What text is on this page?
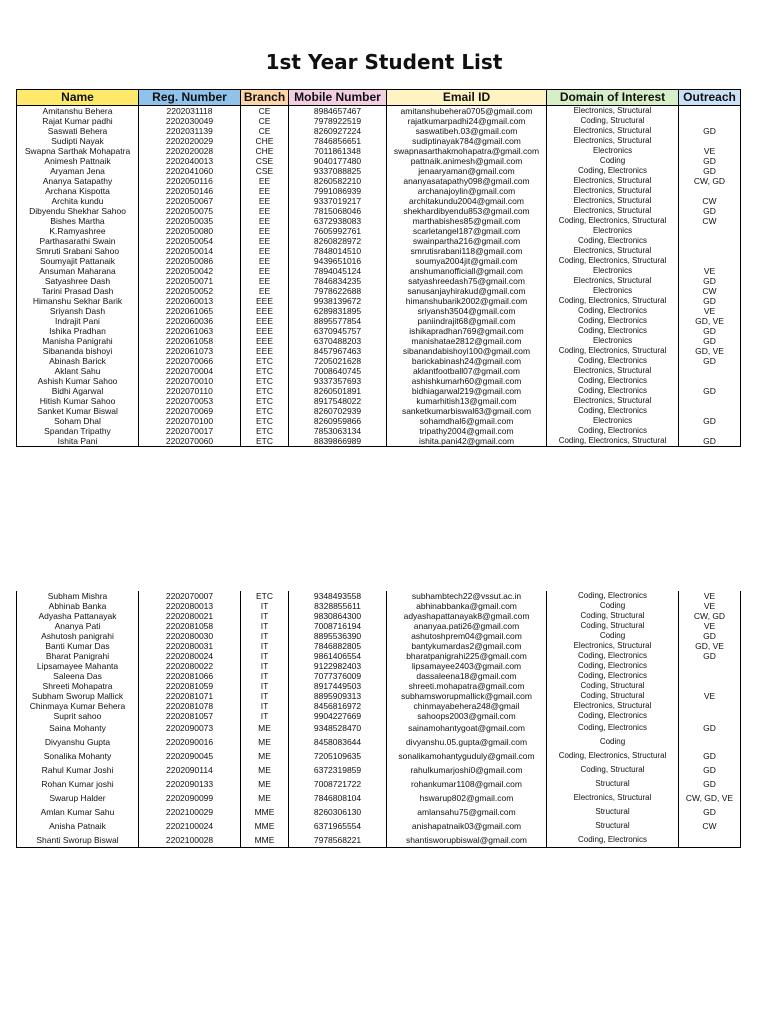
1st Year Student List
Name	Reg. Number	Branch	Mobile Number	Email ID	Domain of Interest	Outreach
Amitanshu Behera	2202031118	CE	8984657467	amitanshubehera0705@gmail.com	Electronics, Structural	
Rajat Kumar padhi	2202030049	CE	7978922519	rajatkumarpadhi24@gmail.com	Coding, Structural	
Saswati Behera	2202031139	CE	8260927224	saswatibeh.03@gmail.com	Electronics, Structural	GD
Sudipti Nayak	2202020029	CHE	7846856651	sudiptinayak784@gmail.com	Electronics, Structural	
Swapna Sarthak Mohapatra	2202020028	CHE	7011861348	swapnasarthakmohapatra@gmail.com	Electronics	VE
Animesh Pattnaik	2202040013	CSE	9040177480	pattnaik.animesh@gmail.com	Coding	GD
Aryaman Jena	2202041060	CSE	9337088825	jenaaryaman@gmail.com	Coding, Electronics	GD
Ananya Satapathy	2202050116	EE	8260582210	ananyasatapathy098@gmail.com	Electronics, Structural	CW, GD
Archana Kispotta	2202050146	EE	7991086939	archanajoylin@gmail.com	Electronics, Structural	
Archita kundu	2202050067	EE	9337019217	architakundu2004@gmail.com	Electronics, Structural	CW
Dibyendu Shekhar Sahoo	2202050075	EE	7815068046	shekhardibyendu853@gmail.com	Electronics, Structural	GD
Bishes Martha	2202050035	EE	6372938083	marthabishes85@gmail.com	Coding, Electronics, Structural	CW
K.Ramyashree	2202050080	EE	7605992761	scarletangel187@gmail.com	Electronics	
Parthasarathi Swain	2202050054	EE	8260828972	swainpartha216@gmail.com	Coding, Electronics	
Smruti Srabani Sahoo	2202050014	EE	7848014510	smrutisrabani118@gmail.com	Electronics, Structural	
Soumyajit Pattanaik	2202050086	EE	9439651016	soumya2004jit@gmail.com	Coding, Electronics, Structural	
Ansuman Maharana	2202050042	EE	7894045124	anshumanofficiall@gmail.com	Electronics	VE
Satyashree Dash	2202050071	EE	7846834235	satyashreedash75@gmail.com	Electronics, Structural	GD
Tarini Prasad Dash	2202050052	EE	7978622688	sanusanjayhirakud@gmail.com	Electronics	CW
Himanshu Sekhar Barik	2202060013	EEE	9938139672	himanshubarik2002@gmail.com	Coding, Electronics, Structural	GD
Sriyansh Dash	2202061065	EEE	6289831895	sriyansh3504@gmail.com	Coding, Electronics	VE
Indrajit Pani	2202060036	EEE	8895577854	paniindrajit68@gmail.com	Coding, Electronics	GD, VE
Ishika Pradhan	2202061063	EEE	6370945757	ishikapradhan769@gmail.com	Coding, Electronics	GD
Manisha Panigrahi	2202061058	EEE	6370488203	manishatae2812@gmail.com	Electronics	GD
Sibananda bishoyi	2202061073	EEE	8457967463	sibanandabishoyi100@gmail.com	Coding, Electronics, Structural	GD, VE
Abinash Barick	2202070066	ETC	7205021628	barickabinash24@gmail.com	Coding, Electronics	GD
Aklant Sahu	2202070004	ETC	7008640745	aklantfootball07@gmail.com	Electronics, Structural	
Ashish Kumar Sahoo	2202070010	ETC	9337357693	ashishkumarh60@gmail.com	Coding, Electronics	
Bidhi Agarwal	2202070110	ETC	8260501891	bidhiagarwal219@gmail.com	Coding, Electronics	GD
Hitish Kumar Sahoo	2202070053	ETC	8917548022	kumarhitish13@gmail.com	Electronics, Structural	
Sanket Kumar Biswal	2202070069	ETC	8260702939	sanketkumarbiswal63@gmail.com	Coding, Electronics	
Soham Dhal	2202070100	ETC	8260959866	sohamdhal6@gmail.com	Electronics	GD
Spandan Tripathy	2202070017	ETC	7853063134	tripathy2004@gmail.com	Coding, Electronics	
Ishita Pani	2202070060	ETC	8839866989	ishita.pani42@gmail.com	Coding, Electronics, Structural	GD
Subham Mishra	2202070007	ETC	9348493558	subhambtech22@vssut.ac.in	Coding, Electronics	VE
Abhinab Banka	2202080013	IT	8328855611	abhinabbanka@gmail.com	Coding	VE
Adyasha Pattanayak	2202080021	IT	9830864300	adyashapattanayak8@gmail.com	Coding, Structural	CW, GD
Ananya Pati	2202081058	IT	7008716194	ananyaa.pati26@gmail.com	Coding, Structural	VE
Ashutosh panigrahi	2202080030	IT	8895536390	ashutoshprem04@gmail.com	Coding	GD
Banti Kumar Das	2202080031	IT	7846882805	bantykumardas2@gmail.com	Electronics, Structural	GD, VE
Bharat Panigrahi	2202080024	IT	9861406554	bharatpanigrahi225@gmail.com	Coding, Electronics	GD
Lipsamayee Mahanta	2202080022	IT	9122982403	lipsamayee2403@gmail.com	Coding, Electronics	
Saleena Das	2202081066	IT	7077376009	dassaleena18@gmail.com	Coding, Electronics	
Shreeti Mohapatra	2202081059	IT	8917449503	shreeti.mohapatra@gmail.com	Coding, Structural	
Subham Sworup Mallick	2202081071	IT	8895909313	subhamsworupmallick@gmail.com	Coding, Structural	VE
Chinmaya Kumar Behera	2202081078	IT	8456816972	chinmayabehera248@gmail	Electronics, Structural	
Suprit sahoo	2202081057	IT	9904227669	sahoops2003@gmail.com	Coding, Electronics	
Saina Mohanty	2202090073	ME	9348528470	sainamohantygoat@gmail.com	Coding, Electronics	GD
Divyanshu Gupta	2202090016	ME	8458083644	divyanshu.05.gupta@gmail.com	Coding	
Sonalika Mohanty	2202090045	ME	7205109635	sonalikamohantyguduly@gmail.com	Coding, Electronics, Structural	GD
Rahul Kumar Joshi	2202090114	ME	6372319859	rahulkumarjoshi0@gmail.com	Coding, Structural	GD
Rohan Kumar joshi	2202090133	ME	7008721722	rohankumar1108@gmail.com	Structural	GD
Swarup Halder	2202090099	ME	7846808104	hswarup802@gmail.com	Electronics, Structural	CW, GD, VE
Amlan Kumar Sahu	2202100029	MME	8260306130	amlansahu75@gmail.com	Structural	GD
Anisha Patnaik	2202100024	MME	6371965554	anishapatnaik03@gmail.com	Structural	CW
Shanti Sworup Biswal	2202100028	MME	7978568221	shantisworupbiswal@gmail.com	Coding, Electronics	
